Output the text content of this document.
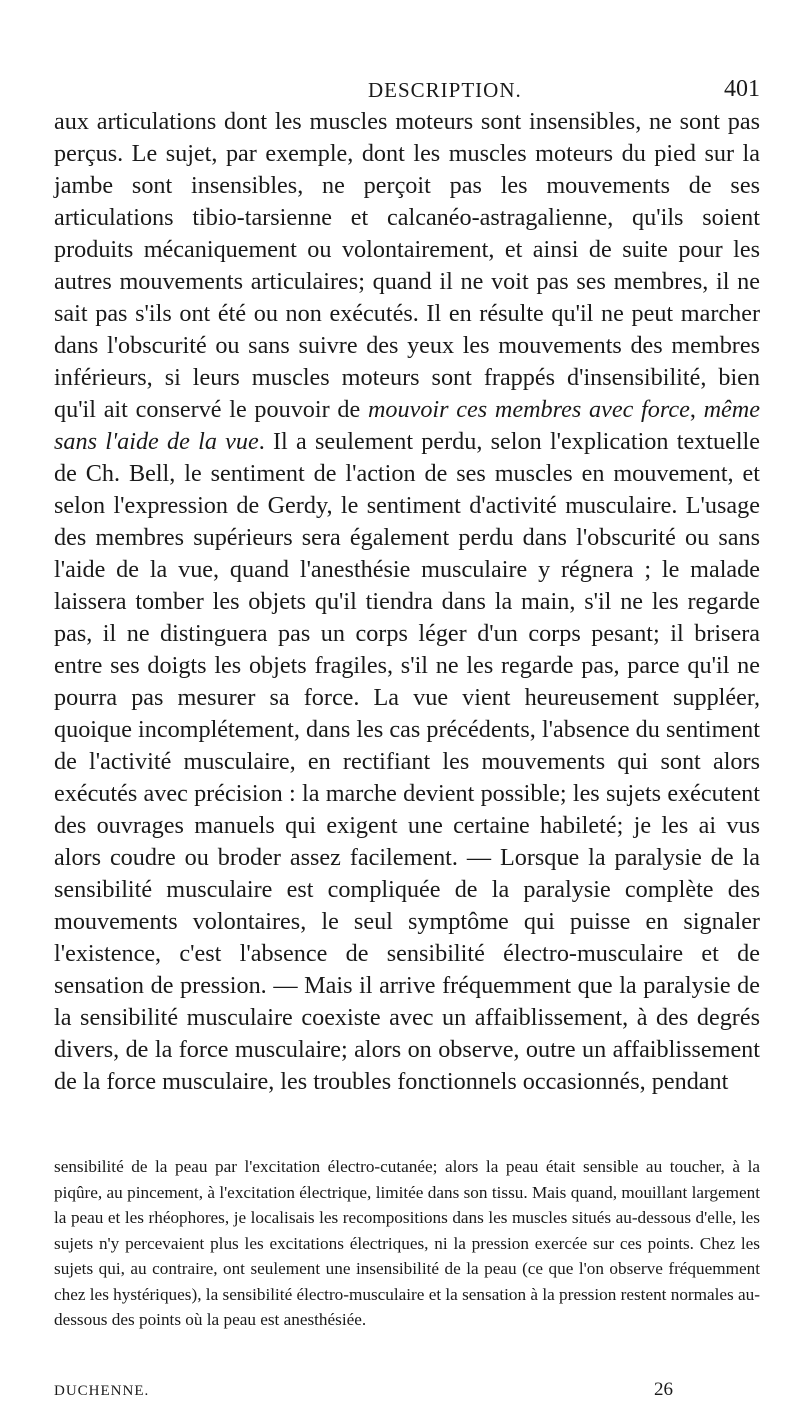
DESCRIPTION.	401

aux articulations dont les muscles moteurs sont insensibles, ne sont pas perçus. Le sujet, par exemple, dont les muscles moteurs du pied sur la jambe sont insensibles, ne perçoit pas les mouvements de ses articulations tibio-tarsienne et calcanéo-astragalienne, qu'ils soient produits mécaniquement ou volontairement, et ainsi de suite pour les autres mouvements articulaires; quand il ne voit pas ses membres, il ne sait pas s'ils ont été ou non exécutés. Il en résulte qu'il ne peut marcher dans l'obscurité ou sans suivre des yeux les mouvements des membres inférieurs, si leurs muscles moteurs sont frappés d'insensibilité, bien qu'il ait conservé le pouvoir de mouvoir ces membres avec force, même sans l'aide de la vue. Il a seulement perdu, selon l'explication textuelle de Ch. Bell, le sentiment de l'action de ses muscles en mouvement, et selon l'expression de Gerdy, le sentiment d'activité musculaire. L'usage des membres supérieurs sera également perdu dans l'obscurité ou sans l'aide de la vue, quand l'anesthésie musculaire y régnera ; le malade laissera tomber les objets qu'il tiendra dans la main, s'il ne les regarde pas, il ne distinguera pas un corps léger d'un corps pesant; il brisera entre ses doigts les objets fragiles, s'il ne les regarde pas, parce qu'il ne pourra pas mesurer sa force. La vue vient heureusement suppléer, quoique incomplétement, dans les cas précédents, l'absence du sentiment de l'activité musculaire, en rectifiant les mouvements qui sont alors exécutés avec précision : la marche devient possible; les sujets exécutent des ouvrages manuels qui exigent une certaine habileté; je les ai vus alors coudre ou broder assez facilement. — Lorsque la paralysie de la sensibilité musculaire est compliquée de la paralysie complète des mouvements volontaires, le seul symptôme qui puisse en signaler l'existence, c'est l'absence de sensibilité électro-musculaire et de sensation de pression. — Mais il arrive fréquemment que la paralysie de la sensibilité musculaire coexiste avec un affaiblissement, à des degrés divers, de la force musculaire; alors on observe, outre un affaiblissement de la force musculaire, les troubles fonctionnels occasionnés, pendant

sensibilité de la peau par l'excitation électro-cutanée; alors la peau était sensible au toucher, à la piqûre, au pincement, à l'excitation électrique, limitée dans son tissu. Mais quand, mouillant largement la peau et les rhéophores, je localisais les recompositions dans les muscles situés au-dessous d'elle, les sujets n'y percevaient plus les excitations électriques, ni la pression exercée sur ces points. Chez les sujets qui, au contraire, ont seulement une insensibilité de la peau (ce que l'on observe fréquemment chez les hystériques), la sensibilité électro-musculaire et la sensation à la pression restent normales au-dessous des points où la peau est anesthésiée.

DUCHENNE.	26
